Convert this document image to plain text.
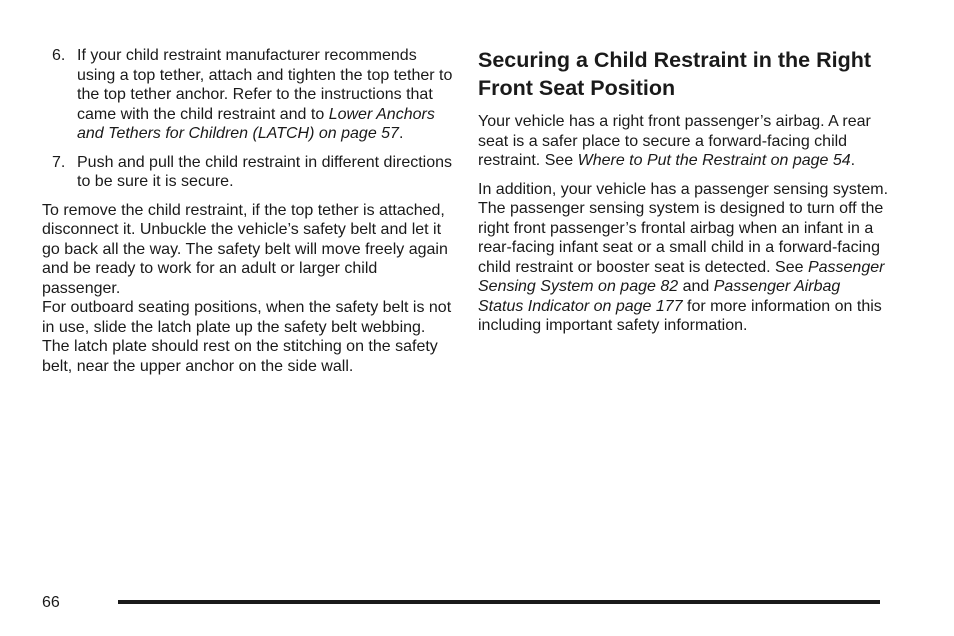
6. If your child restraint manufacturer recommends using a top tether, attach and tighten the top tether to the top tether anchor. Refer to the instructions that came with the child restraint and to Lower Anchors and Tethers for Children (LATCH) on page 57.
7. Push and pull the child restraint in different directions to be sure it is secure.

To remove the child restraint, if the top tether is attached, disconnect it. Unbuckle the vehicle’s safety belt and let it go back all the way. The safety belt will move freely again and be ready to work for an adult or larger child passenger.

For outboard seating positions, when the safety belt is not in use, slide the latch plate up the safety belt webbing. The latch plate should rest on the stitching on the safety belt, near the upper anchor on the side wall.

Securing a Child Restraint in the Right Front Seat Position

Your vehicle has a right front passenger’s airbag. A rear seat is a safer place to secure a forward-facing child restraint. See Where to Put the Restraint on page 54.

In addition, your vehicle has a passenger sensing system. The passenger sensing system is designed to turn off the right front passenger’s frontal airbag when an infant in a rear-facing infant seat or a small child in a forward-facing child restraint or booster seat is detected. See Passenger Sensing System on page 82 and Passenger Airbag Status Indicator on page 177 for more information on this including important safety information.

66
